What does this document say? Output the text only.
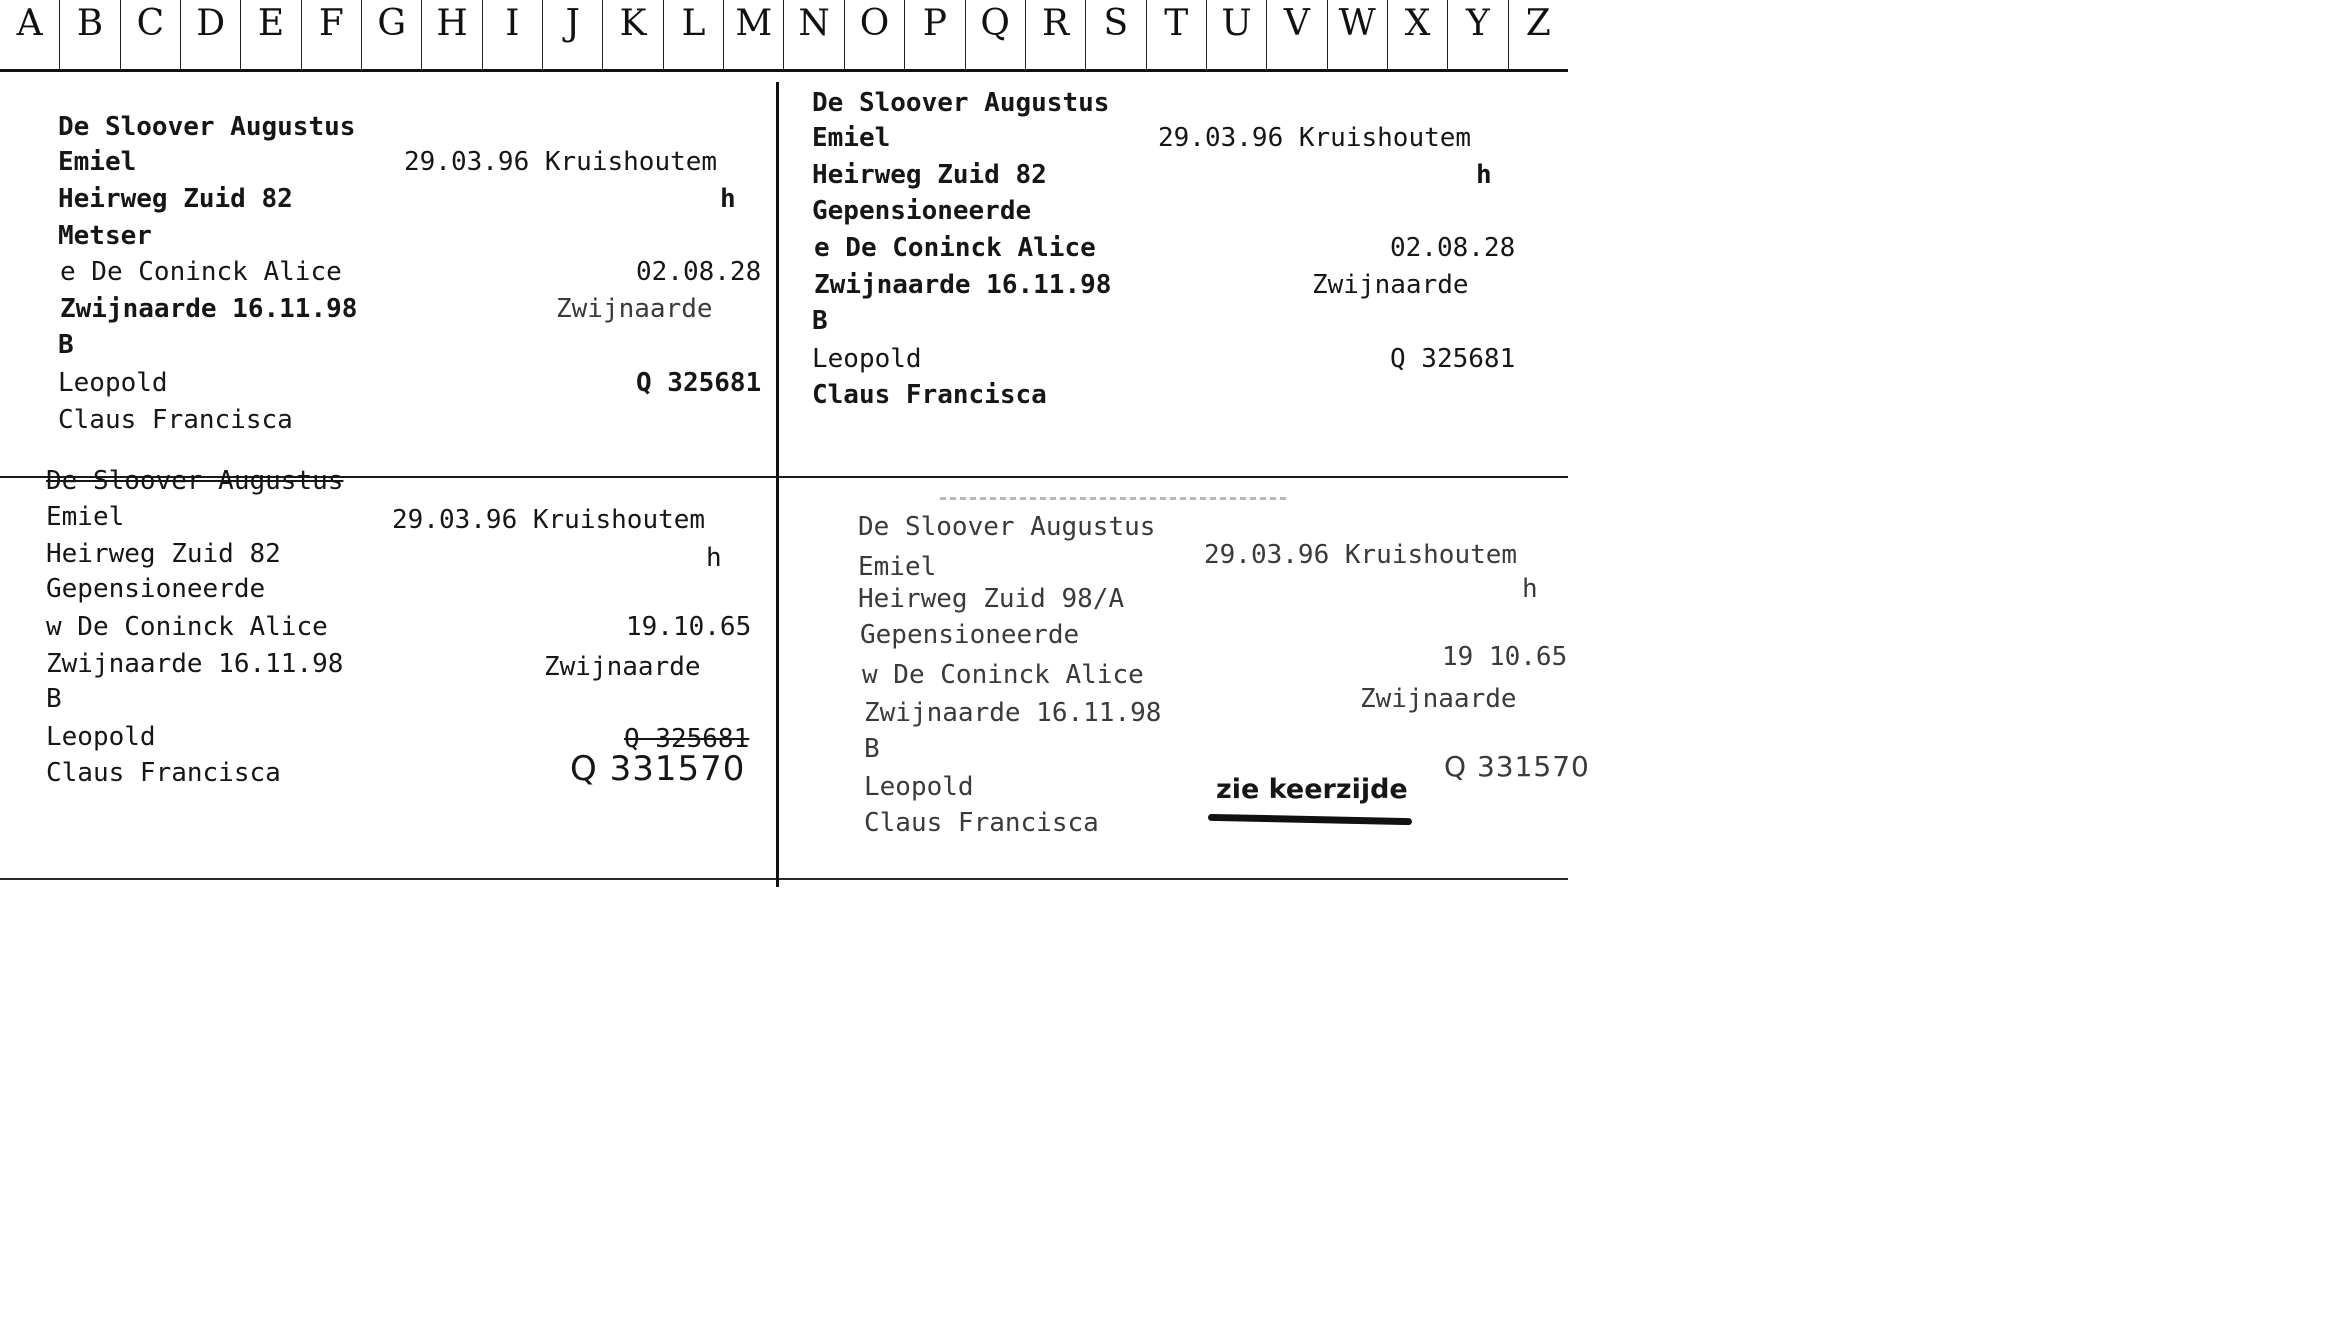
A B C D E F G H	I	J	K L M N O P Q R S	T U V W X Y Z
De Sloover Augustus
Emiel	29.03.96 Kruishoutem
Heirweg Zuid 82	h
Metser
e De Coninck Alice	02.08.28
Zwijnaarde 16.11.98	Zwijnaarde
B
Leopold	Q 325681
Claus Francisca
De Sloover Augustus
Emiel	29.03.96 Kruishoutem
Heirweg Zuid 82	h
Gepensioneerde
e De Coninck Alice	02.08.28
Zwijnaarde 16.11.98	Zwijnaarde
B
Leopold	Q 325681
Claus Francisca
De Sloover Augustus
Emiel	29.03.96 Kruishoutem
Heirweg Zuid 82	h
Gepensioneerde
w De Coninck Alice	19.10.65
Zwijnaarde 16.11.98	Zwijnaarde
B
Leopold	Q 325681
Q 331570
Claus Francisca
De Sloover Augustus
Emiel	29.03.96 Kruishoutem
Heirweg Zuid 98/A	h
Gepensioneerde
w De Coninck Alice
19 10.65
Zwijnaarde 16.11.98	Zwijnaarde
B
Leopold	zie keerzijde
Q 331570
Claus Francisca
